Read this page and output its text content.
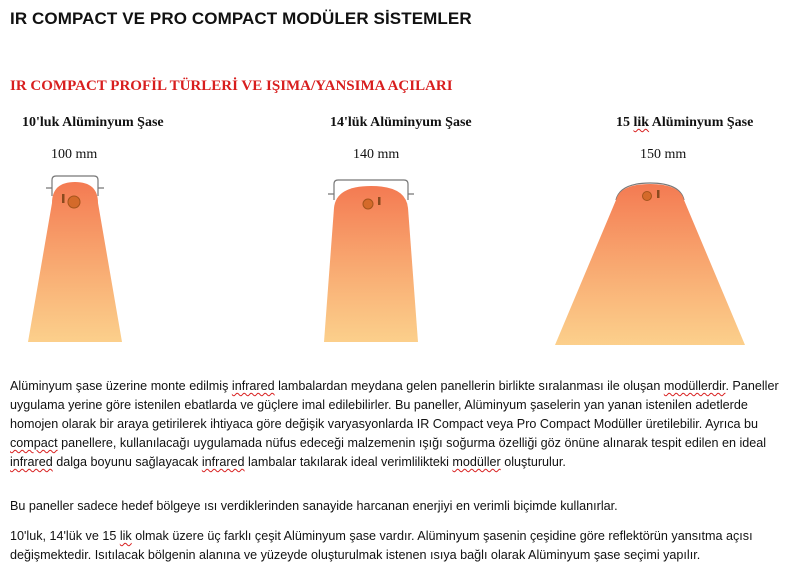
IR COMPACT VE PRO COMPACT MODÜLER SİSTEMLER
IR COMPACT PROFİL TÜRLERİ VE IŞIMA/YANSIMA AÇILARI
10'luk Alüminyum Şase
100 mm
14'lük Alüminyum Şase
140 mm
15 lik Alüminyum Şase
150 mm

Alüminyum şase üzerine monte edilmiş infrared lambalardan meydana gelen panellerin birlikte sıralanması ile oluşan modüllerdir. Paneller uygulama yerine göre istenilen ebatlarda ve güçlere imal edilebilirler. Bu paneller, Alüminyum şaselerin yan yanan istenilen adetlerde homojen olarak bir araya getirilerek ihtiyaca göre değişik varyasyonlarda IR Compact veya Pro Compact Modüller üretilebilir. Ayrıca bu compact panellere, kullanılacağı uygulamada nüfus edeceği malzemenin ışığı soğurma özelliği göz önüne alınarak tespit edilen en ideal infrared dalga boyunu sağlayacak infrared lambalar takılarak ideal verimlilikteki modüller oluşturulur.

Bu paneller sadece hedef bölgeye ısı verdiklerinden sanayide harcanan enerjiyi en verimli biçimde kullanırlar.

10'luk, 14'lük ve 15 lik olmak üzere üç farklı çeşit Alüminyum şase vardır. Alüminyum şasenin çeşidine göre reflektörün yansıtma açısı değişmektedir. Isıtılacak bölgenin alanına ve yüzeyde oluşturulmak istenen ısıya bağlı olarak Alüminyum şase seçimi yapılır.
